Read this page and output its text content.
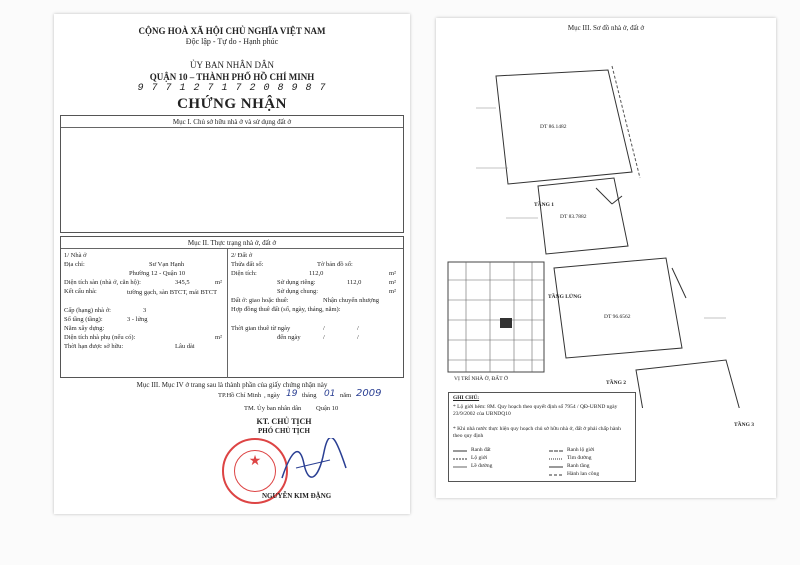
CỘNG HOÀ XÃ HỘI CHỦ NGHĨA VIỆT NAM
Độc lập - Tự do - Hạnh phúc
ỦY BAN NHÂN DÂN
QUẬN 10 – THÀNH PHỐ HỒ CHÍ MINH
9 7 7 1 2 7 1 7 2 0 8 9 8 7
CHỨNG NHẬN
Mục I. Chủ sở hữu nhà ở và sử dụng đất ở
Mục II. Thực trạng nhà ở, đất ở
1/ Nhà ở
Địa chỉ:	Sư Vạn Hạnh
Phường 12 - Quận 10
Diện tích sàn (nhà ở, căn hộ):	345,5	m²
Kết cấu nhà:	tường gạch, sàn BTCT, mái BTCT
Cấp (hạng) nhà ở:	3
Số tầng (tầng):	3 - lửng
Năm xây dựng:
Diện tích nhà phụ (nếu có):	m²
Thời hạn được sở hữu:	Lâu dài
2/ Đất ở
Thửa đất số:	Tờ bản đồ số:
Diện tích:	112,0	m²
Sử dụng riêng:	112,0	m²
Sử dụng chung:	m²
Đất ở: giao hoặc thuê:	Nhận chuyển nhượng
Hợp đồng thuê đất (số, ngày, tháng, năm):
Thời gian thuê từ ngày	/	/
đến ngày	/	/
Mục III. Mục IV ở trang sau là thành phần của giấy chứng nhận này
TP.Hồ Chí Minh , ngày 19 tháng 01 năm 2009
TM. Ủy ban nhân dân Quận 10
KT. CHỦ TỊCH
PHÓ CHỦ TỊCH
★
NGUYỄN KIM ĐẶNG
Mục III. Sơ đồ nhà ở, đất ở
DT 86.1482
DT 83.7882
DT 96.6562
TẦNG 1
TẦNG LỬNG
TẦNG 2
TẦNG 3
VỊ TRÍ NHÀ Ở, ĐẤT Ở
GHI CHÚ:
* Lộ giới hẻm: 8M. Quy hoạch theo quyết định số 7954 / QĐ-UBND ngày 23/9/2002 của UBNDQ10
* Khi nhà nước thực hiện quy hoạch chủ sở hữu nhà ở, đất ở phải chấp hành theo quy định
Ranh đất
Lộ giới
Lề đường
Ranh lộ giới
Tim đường
Ranh tầng
Hành lan công
